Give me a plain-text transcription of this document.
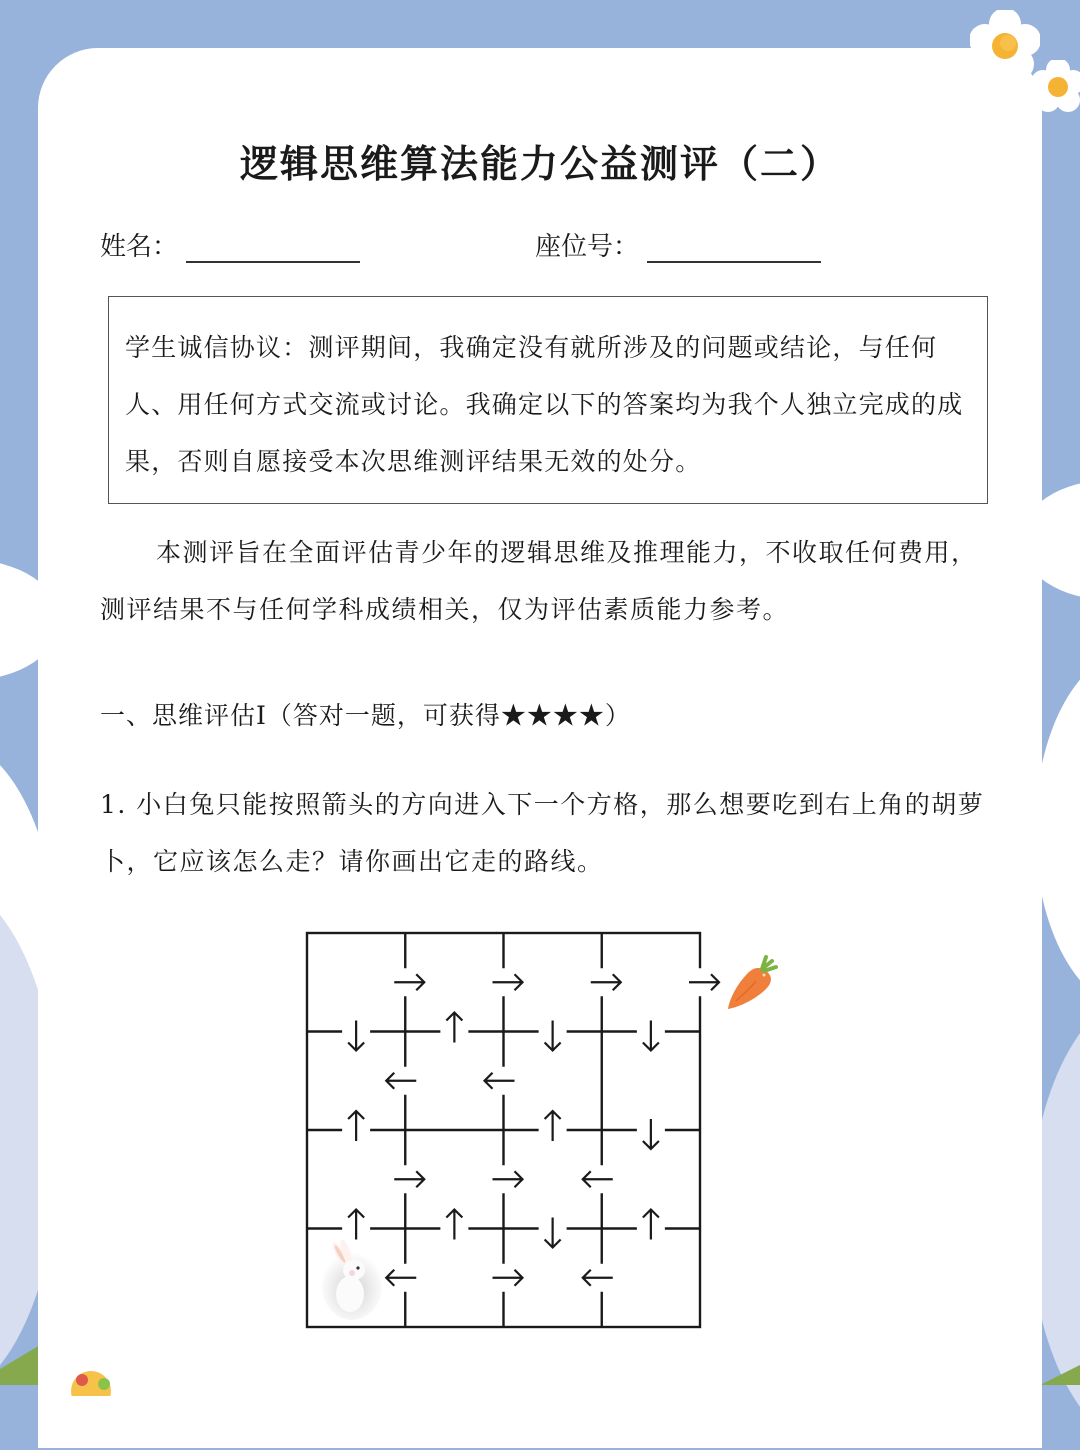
逻辑思维算法能力公益测评（二）
姓名：	座位号：
学生诚信协议：测评期间，我确定没有就所涉及的问题或结论，与任何人、用任何方式交流或讨论。我确定以下的答案均为我个人独立完成的成果，否则自愿接受本次思维测评结果无效的处分。
本测评旨在全面评估青少年的逻辑思维及推理能力，不收取任何费用，测评结果不与任何学科成绩相关，仅为评估素质能力参考。
一、思维评估I（答对一题，可获得★★★★）
1. 小白兔只能按照箭头的方向进入下一个方格，那么想要吃到右上角的胡萝卜，它应该怎么走？请你画出它走的路线。
